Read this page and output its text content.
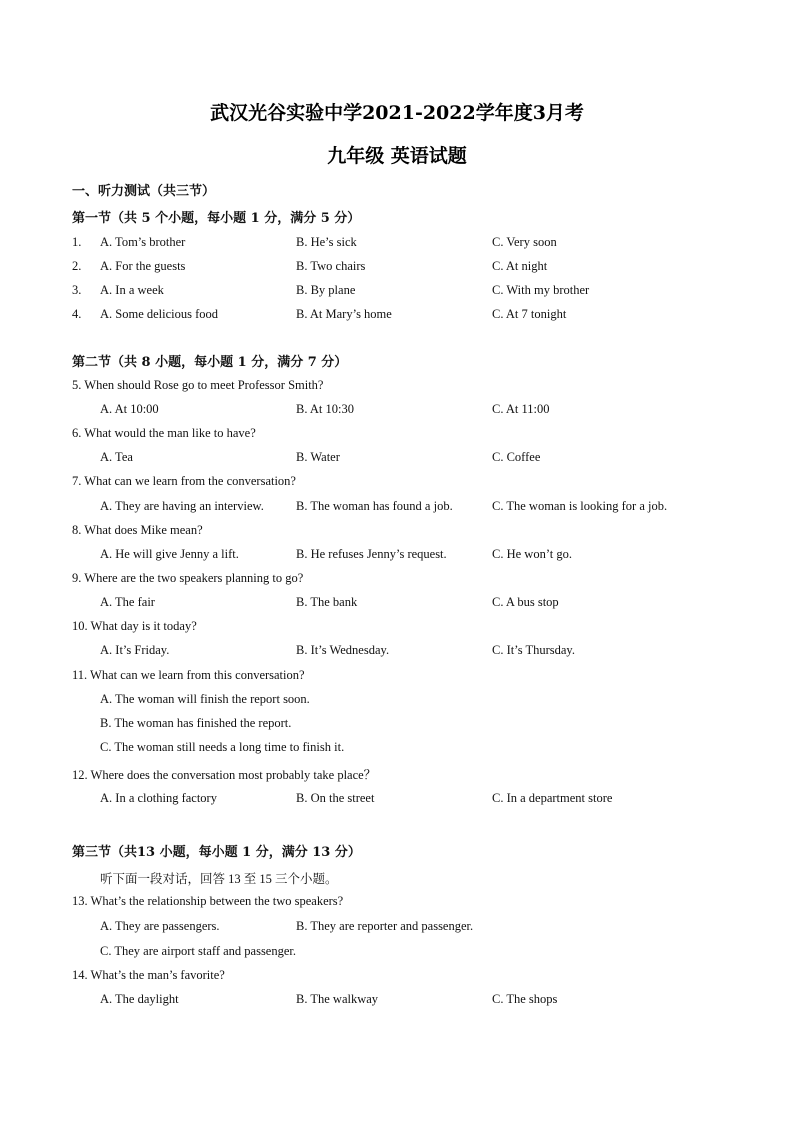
武汉光谷实验中学2021-2022学年度3月考
九年级 英语试题
一、听力测试（共三节）
第一节（共 5 个小题，每小题 1 分，满分 5 分）
1. A. Tom’s brother	B. He’s sick	C. Very soon
2. A. For the guests	B. Two chairs	C. At night
3. A. In a week	B. By plane	C. With my brother
4. A. Some delicious food	B. At Mary’s home	C. At 7 tonight
第二节（共 8 小题，每小题 1 分，满分 7 分）
5. When should Rose go to meet Professor Smith?
A. At 10:00	B. At 10:30	C. At 11:00
6. What would the man like to have?
A. Tea	B. Water	C. Coffee
7. What can we learn from the conversation?
A. They are having an interview.	B. The woman has found a job.	C. The woman is looking for a job.
8. What does Mike mean?
A. He will give Jenny a lift.	B. He refuses Jenny’s request.	C. He won’t go.
9. Where are the two speakers planning to go?
A. The fair	B. The bank	C. A bus stop
10. What day is it today?
A. It’s Friday.	B. It’s Wednesday.	C. It’s Thursday.
11. What can we learn from this conversation?
A. The woman will finish the report soon.
B. The woman has finished the report.
C. The woman still needs a long time to finish it.
12. Where does the conversation most probably take place？
A. In a clothing factory	B. On the street	C. In a department store
第三节（共13 小题，每小题 1 分，满分 13 分）
听下面一段对话，回答 13 至 15 三个小题。
13. What’s the relationship between the two speakers?
A. They are passengers.	B. They are reporter and passenger.
C. They are airport staff and passenger.
14. What’s the man’s favorite?
A. The daylight	B. The walkway	C. The shops
